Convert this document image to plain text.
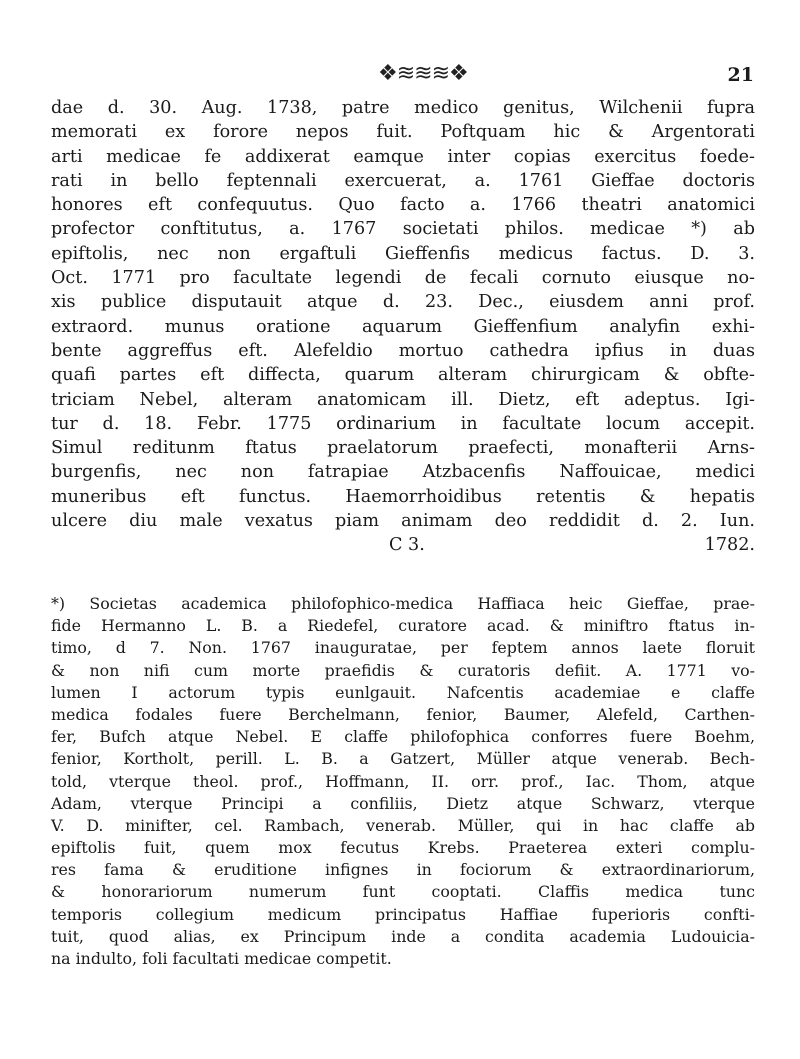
❖≋≋≋❖	21
dae d. 30. Aug. 1738, patre medico genitus, Wilchenii fupra
memorati ex forore nepos fuit. Poftquam hic & Argentorati
arti medicae fe addixerat eamque inter copias exercitus foede-
rati in bello feptennali exercuerat, a. 1761 Gieffae doctoris
honores eft confequutus. Quo facto a. 1766 theatri anatomici
profector conftitutus, a. 1767 societati philos. medicae *) ab
epiftolis, nec non ergaftuli Gieffenfis medicus factus. D. 3.
Oct. 1771 pro facultate legendi de fecali cornuto eiusque no-
xis publice disputauit atque d. 23. Dec., eiusdem anni prof.
extraord. munus oratione aquarum Gieffenfium analyfin exhi-
bente aggreffus eft. Alefeldio mortuo cathedra ipfius in duas
quafi partes eft diffecta, quarum alteram chirurgicam & obfte-
triciam Nebel, alteram anatomicam ill. Dietz, eft adeptus. Igi-
tur d. 18. Febr. 1775 ordinarium in facultate locum accepit.
Simul reditunm ftatus praelatorum praefecti, monafterii Arns-
burgenfis, nec non fatrapiae Atzbacenfis Naffouicae, medici
muneribus eft functus. Haemorrhoidibus retentis & hepatis
ulcere diu male vexatus piam animam deo reddidit d. 2. Iun.
C 3.	1782.
*) Societas academica philofophico-medica Haffiaca heic Gieffae, prae-
fide Hermanno L. B. a Riedefel, curatore acad. & miniftro ftatus in-
timo, d 7. Non. 1767 inauguratae, per feptem annos laete floruit
& non nifi cum morte praefidis & curatoris defiit. A. 1771 vo-
lumen I actorum typis eunlgauit. Nafcentis academiae e claffe
medica fodales fuere Berchelmann, fenior, Baumer, Alefeld, Carthen-
fer, Bufch atque Nebel. E claffe philofophica conforres fuere Boehm,
fenior, Kortholt, perill. L. B. a Gatzert, Müller atque venerab. Bech-
told, vterque theol. prof., Hoffmann, II. orr. prof., Iac. Thom, atque
Adam, vterque Principi a confiliis, Dietz atque Schwarz, vterque
V. D. minifter, cel. Rambach, venerab. Müller, qui in hac claffe ab
epiftolis fuit, quem mox fecutus Krebs. Praeterea exteri complu-
res fama & eruditione infignes in fociorum & extraordinariorum,
& honorariorum numerum funt cooptati. Claffis medica tunc
temporis collegium medicum principatus Haffiae fuperioris confti-
tuit, quod alias, ex Principum inde a condita academia Ludouicia-
na indulto, foli facultati medicae competit.
